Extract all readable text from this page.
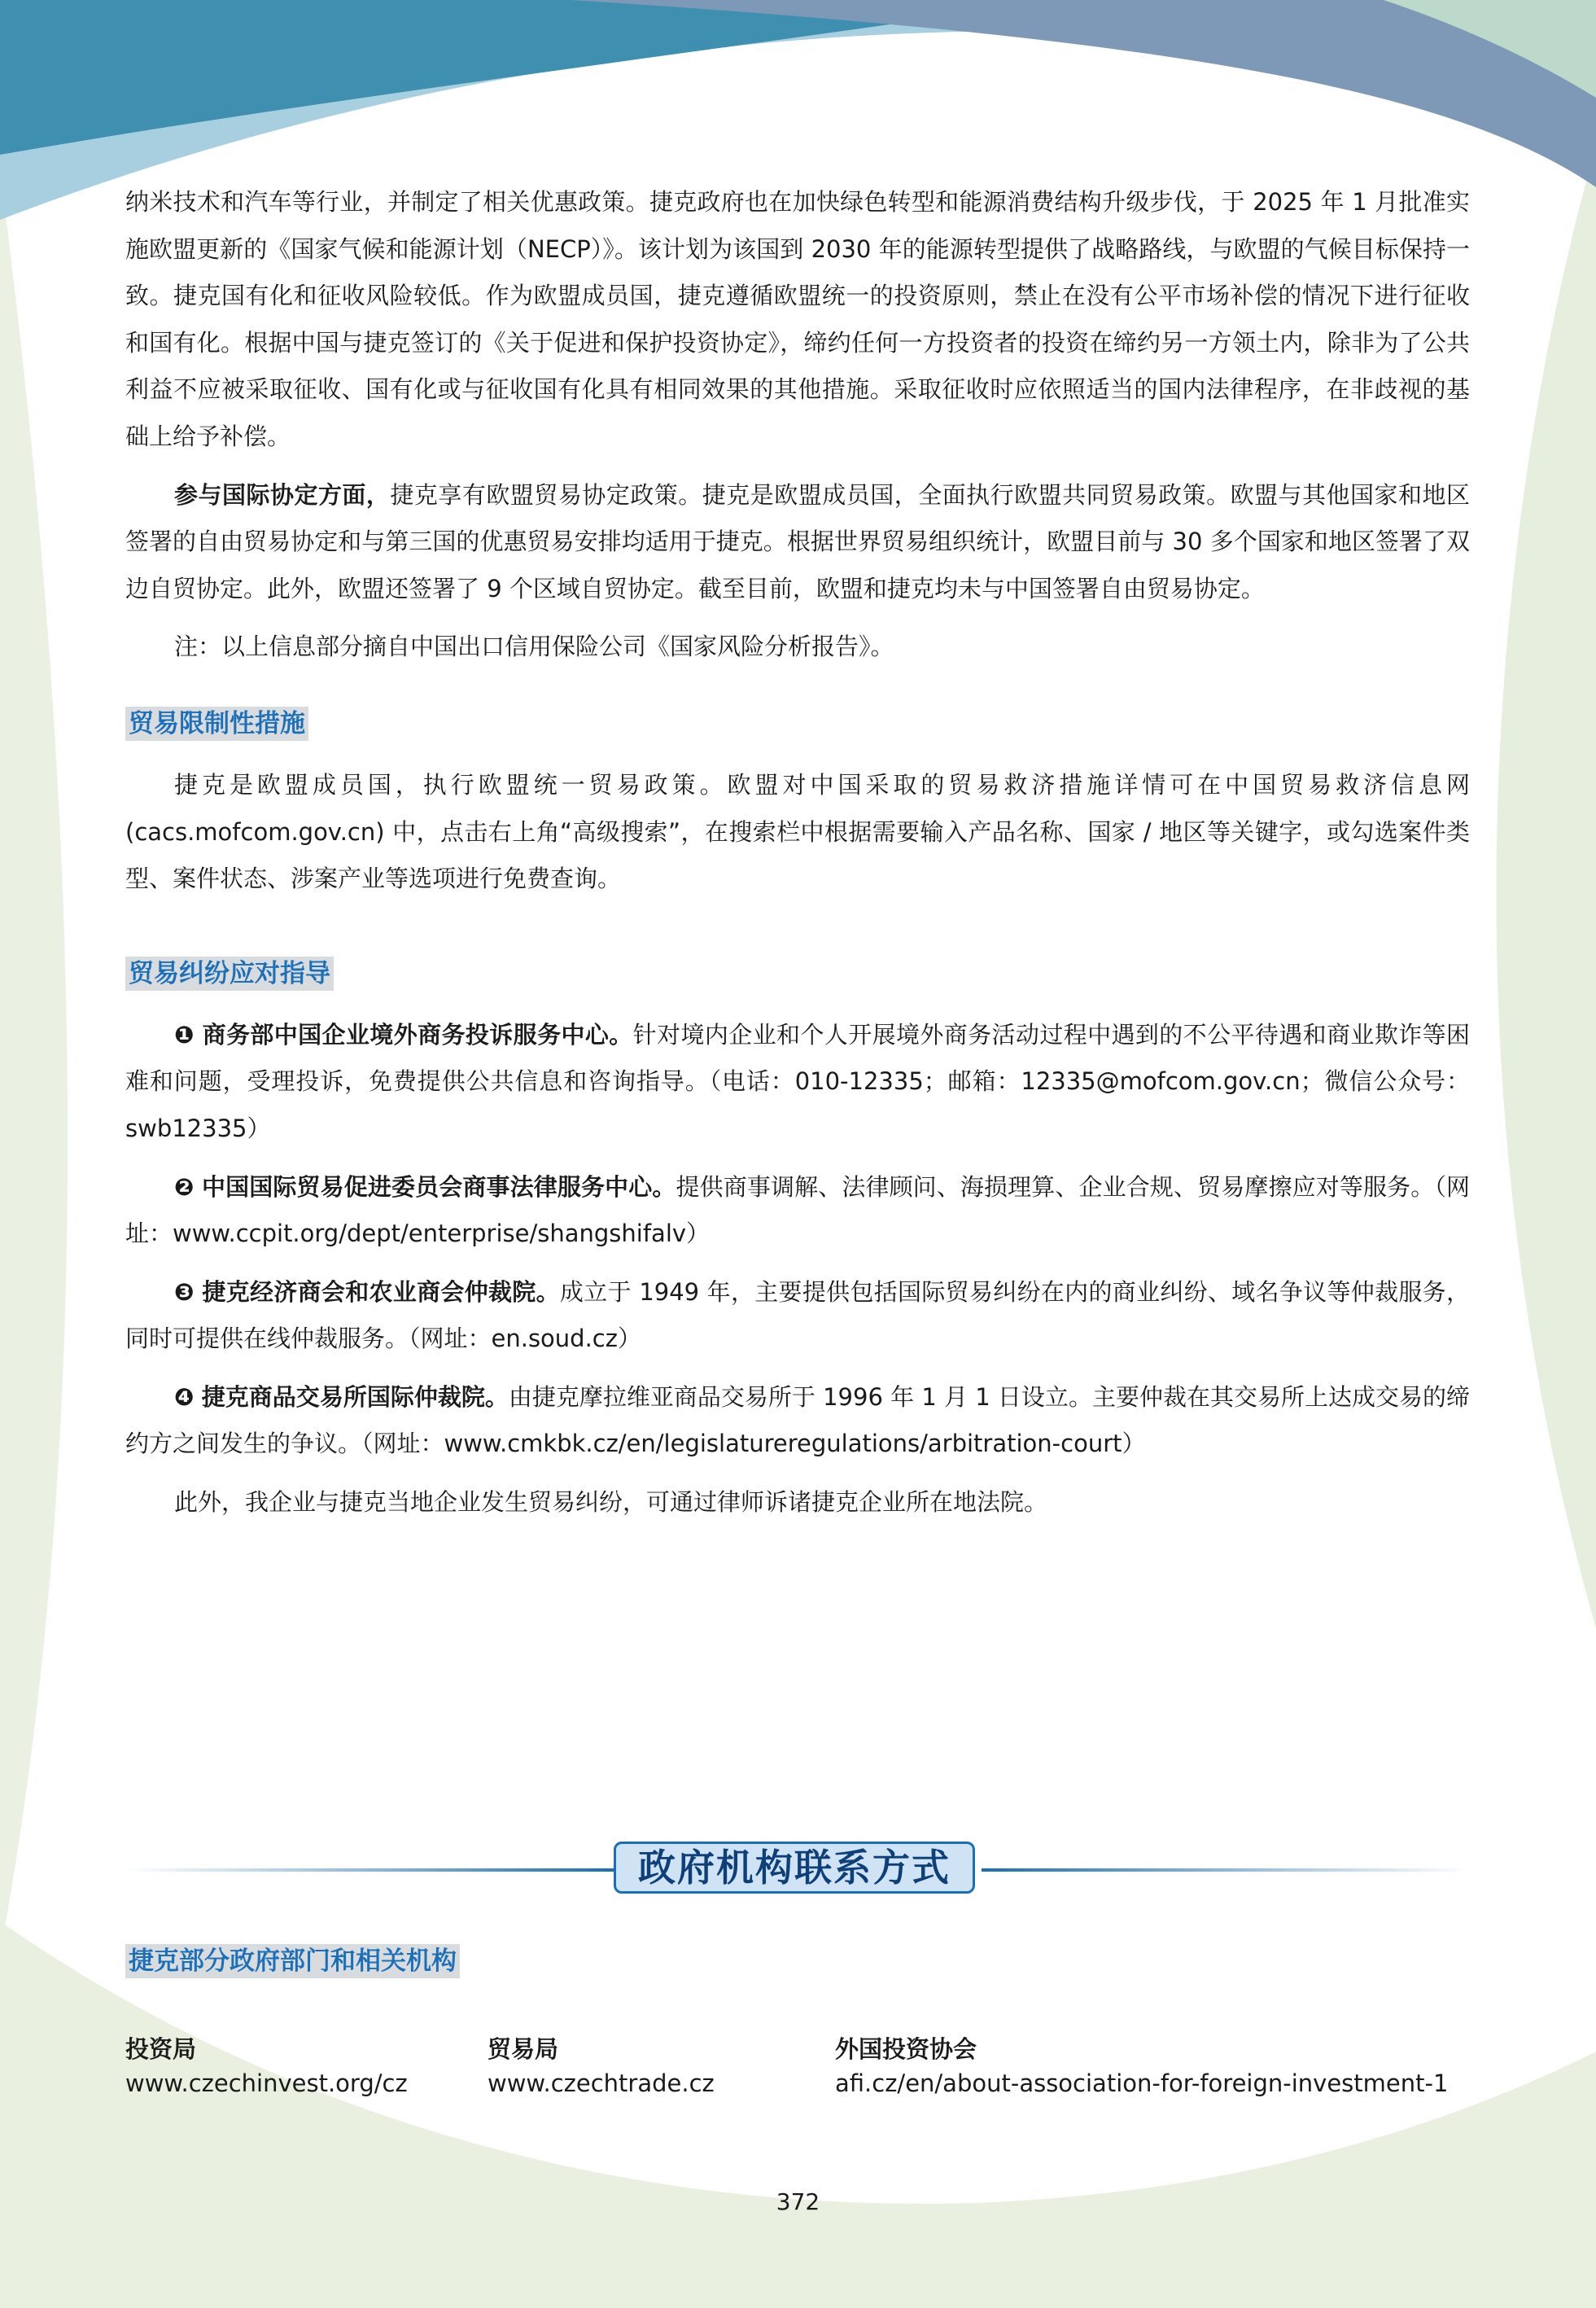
纳米技术和汽车等行业，并制定了相关优惠政策。捷克政府也在加快绿色转型和能源消费结构升级步伐，于 2025 年 1 月批准实施欧盟更新的《国家气候和能源计划（NECP）》。该计划为该国到 2030 年的能源转型提供了战略路线，与欧盟的气候目标保持一致。捷克国有化和征收风险较低。作为欧盟成员国，捷克遵循欧盟统一的投资原则，禁止在没有公平市场补偿的情况下进行征收和国有化。根据中国与捷克签订的《关于促进和保护投资协定》，缔约任何一方投资者的投资在缔约另一方领土内，除非为了公共利益不应被采取征收、国有化或与征收国有化具有相同效果的其他措施。采取征收时应依照适当的国内法律程序，在非歧视的基础上给予补偿。

参与国际协定方面，捷克享有欧盟贸易协定政策。捷克是欧盟成员国，全面执行欧盟共同贸易政策。欧盟与其他国家和地区签署的自由贸易协定和与第三国的优惠贸易安排均适用于捷克。根据世界贸易组织统计，欧盟目前与 30 多个国家和地区签署了双边自贸协定。此外，欧盟还签署了 9 个区域自贸协定。截至目前，欧盟和捷克均未与中国签署自由贸易协定。

注：以上信息部分摘自中国出口信用保险公司《国家风险分析报告》。

贸易限制性措施

捷克是欧盟成员国，执行欧盟统一贸易政策。欧盟对中国采取的贸易救济措施详情可在中国贸易救济信息网 (cacs.mofcom.gov.cn) 中，点击右上角“高级搜索”，在搜索栏中根据需要输入产品名称、国家 / 地区等关键字，或勾选案件类型、案件状态、涉案产业等选项进行免费查询。

贸易纠纷应对指导

❶ 商务部中国企业境外商务投诉服务中心。针对境内企业和个人开展境外商务活动过程中遇到的不公平待遇和商业欺诈等困难和问题，受理投诉，免费提供公共信息和咨询指导。（电话：010-12335；邮箱：12335@mofcom.gov.cn；微信公众号：swb12335）

❷ 中国国际贸易促进委员会商事法律服务中心。提供商事调解、法律顾问、海损理算、企业合规、贸易摩擦应对等服务。（网址：www.ccpit.org/dept/enterprise/shangshifalv）

❸ 捷克经济商会和农业商会仲裁院。成立于 1949 年，主要提供包括国际贸易纠纷在内的商业纠纷、域名争议等仲裁服务，同时可提供在线仲裁服务。（网址：en.soud.cz）

❹ 捷克商品交易所国际仲裁院。由捷克摩拉维亚商品交易所于 1996 年 1 月 1 日设立。主要仲裁在其交易所上达成交易的缔约方之间发生的争议。（网址：www.cmkbk.cz/en/legislatureregulations/arbitration-court）

此外，我企业与捷克当地企业发生贸易纠纷，可通过律师诉诸捷克企业所在地法院。

政府机构联系方式
捷克部分政府部门和相关机构
投资局
www.czechinvest.org/cz
贸易局
www.czechtrade.cz
外国投资协会
afi.cz/en/about-association-for-foreign-investment-1
372
